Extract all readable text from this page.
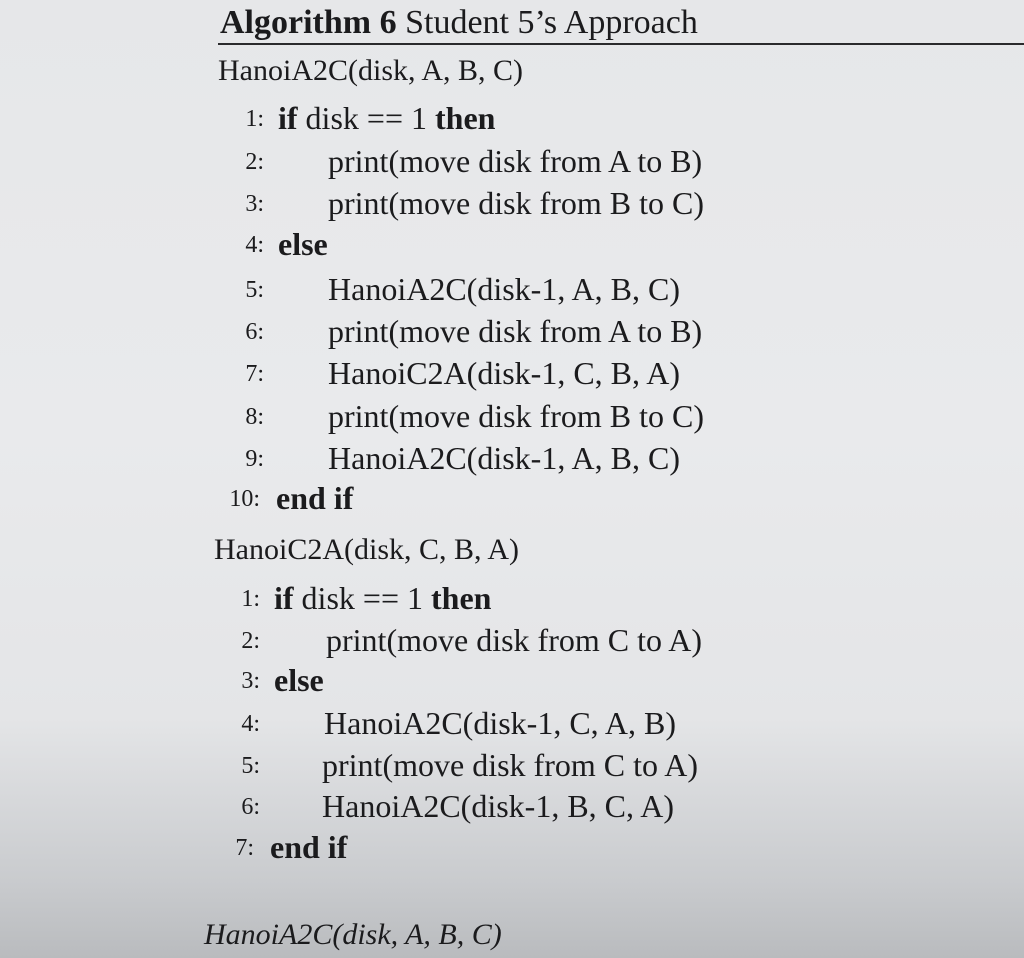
Algorithm 6 Student 5’s Approach
HanoiA2C(disk, A, B, C)
1: if disk == 1 then
2: print(move disk from A to B)
3: print(move disk from B to C)
4: else
5: HanoiA2C(disk-1, A, B, C)
6: print(move disk from A to B)
7: HanoiC2A(disk-1, C, B, A)
8: print(move disk from B to C)
9: HanoiA2C(disk-1, A, B, C)
10: end if
HanoiC2A(disk, C, B, A)
1: if disk == 1 then
2: print(move disk from C to A)
3: else
4: HanoiA2C(disk-1, C, A, B)
5: print(move disk from C to A)
6: HanoiA2C(disk-1, B, C, A)
7: end if
HanoiA2C(disk, A, B, C)
